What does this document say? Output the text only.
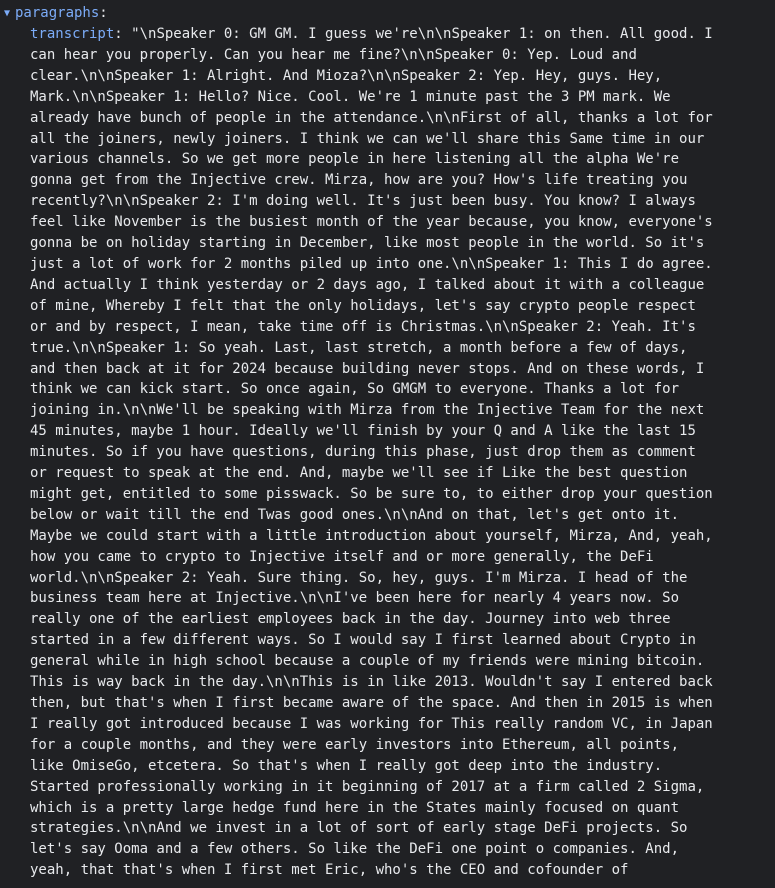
▼ paragraphs:
transcript: "\nSpeaker 0: GM GM. I guess we're\n\nSpeaker 1: on then. All good. I
can hear you properly. Can you hear me fine?\n\nSpeaker 0: Yep. Loud and
clear.\n\nSpeaker 1: Alright. And Mioza?\n\nSpeaker 2: Yep. Hey, guys. Hey,
Mark.\n\nSpeaker 1: Hello? Nice. Cool. We're 1 minute past the 3 PM mark. We
already have bunch of people in the attendance.\n\nFirst of all, thanks a lot for
all the joiners, newly joiners. I think we can we'll share this Same time in our
various channels. So we get more people in here listening all the alpha We're
gonna get from the Injective crew. Mirza, how are you? How's life treating you
recently?\n\nSpeaker 2: I'm doing well. It's just been busy. You know? I always
feel like November is the busiest month of the year because, you know, everyone's
gonna be on holiday starting in December, like most people in the world. So it's
just a lot of work for 2 months piled up into one.\n\nSpeaker 1: This I do agree.
And actually I think yesterday or 2 days ago, I talked about it with a colleague
of mine, Whereby I felt that the only holidays, let's say crypto people respect
or and by respect, I mean, take time off is Christmas.\n\nSpeaker 2: Yeah. It's
true.\n\nSpeaker 1: So yeah. Last, last stretch, a month before a few of days,
and then back at it for 2024 because building never stops. And on these words, I
think we can kick start. So once again, So GMGM to everyone. Thanks a lot for
joining in.\n\nWe'll be speaking with Mirza from the Injective Team for the next
45 minutes, maybe 1 hour. Ideally we'll finish by your Q and A like the last 15
minutes. So if you have questions, during this phase, just drop them as comment
or request to speak at the end. And, maybe we'll see if Like the best question
might get, entitled to some pisswack. So be sure to, to either drop your question
below or wait till the end Twas good ones.\n\nAnd on that, let's get onto it.
Maybe we could start with a little introduction about yourself, Mirza, And, yeah,
how you came to crypto to Injective itself and or more generally, the DeFi
world.\n\nSpeaker 2: Yeah. Sure thing. So, hey, guys. I'm Mirza. I head of the
business team here at Injective.\n\nI've been here for nearly 4 years now. So
really one of the earliest employees back in the day. Journey into web three
started in a few different ways. So I would say I first learned about Crypto in
general while in high school because a couple of my friends were mining bitcoin.
This is way back in the day.\n\nThis is in like 2013. Wouldn't say I entered back
then, but that's when I first became aware of the space. And then in 2015 is when
I really got introduced because I was working for This really random VC, in Japan
for a couple months, and they were early investors into Ethereum, all points,
like OmiseGo, etcetera. So that's when I really got deep into the industry.
Started professionally working in it beginning of 2017 at a firm called 2 Sigma,
which is a pretty large hedge fund here in the States mainly focused on quant
strategies.\n\nAnd we invest in a lot of sort of early stage DeFi projects. So
let's say Ooma and a few others. So like the DeFi one point o companies. And,
yeah, that that's when I first met Eric, who's the CEO and cofounder of
